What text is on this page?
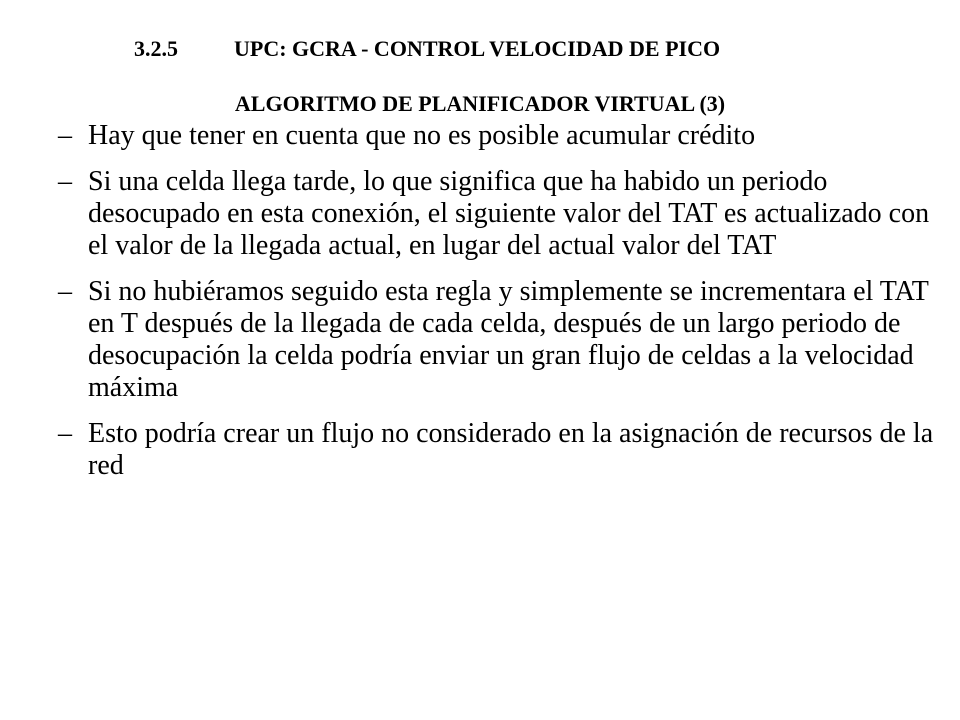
3.2.5	UPC: GCRA - CONTROL VELOCIDAD DE PICO
ALGORITMO DE PLANIFICADOR VIRTUAL (3)
– Hay que tener en cuenta que no es posible acumular crédito
– Si una celda llega tarde, lo que significa que ha habido un periodo desocupado en esta conexión, el siguiente valor del TAT es actualizado con el valor de la llegada actual, en lugar del actual valor del TAT
– Si no hubiéramos seguido esta regla y simplemente se incrementara el TAT en T después de la llegada de cada celda, después de un largo periodo de desocupación la celda podría enviar un gran flujo de celdas a la velocidad máxima
– Esto podría crear un flujo no considerado en la asignación de recursos de la red
